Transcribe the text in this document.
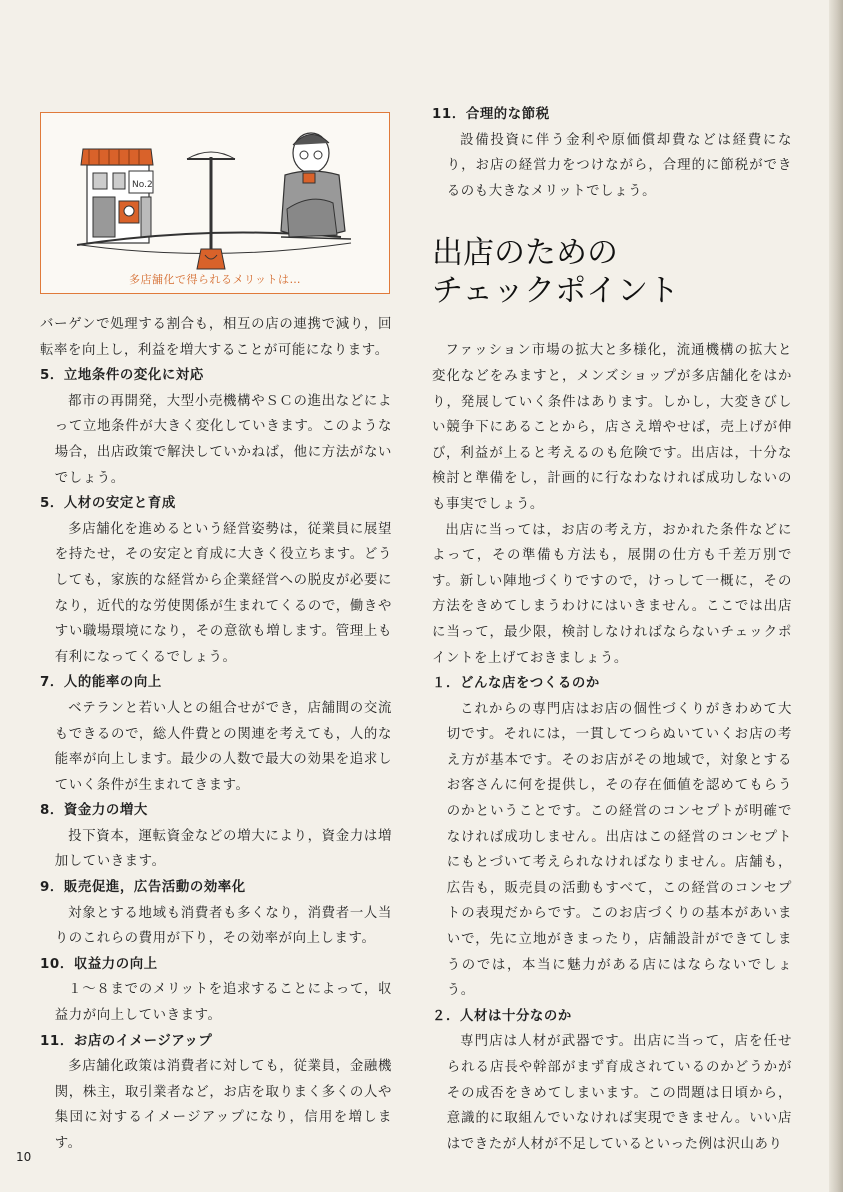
No.2
多店舗化で得られるメリットは…

バーゲンで処理する割合も，相互の店の連携で減り，回転率を向上し，利益を増大することが可能になります。

5．立地条件の変化に対応

都市の再開発，大型小売機構やＳＣの進出などによって立地条件が大きく変化していきます。このような場合，出店政策で解決していかねば，他に方法がないでしょう。

5．人材の安定と育成

多店舗化を進めるという経営姿勢は，従業員に展望を持たせ，その安定と育成に大きく役立ちます。どうしても，家族的な経営から企業経営への脱皮が必要になり，近代的な労使関係が生まれてくるので，働きやすい職場環境になり，その意欲も増します。管理上も有利になってくるでしょう。

7．人的能率の向上

ベテランと若い人との組合せができ，店舗間の交流もできるので，総人件費との関連を考えても，人的な能率が向上します。最少の人数で最大の効果を追求していく条件が生まれてきます。

8．資金力の増大

投下資本，運転資金などの増大により，資金力は増加していきます。

9．販売促進，広告活動の効率化

対象とする地域も消費者も多くなり，消費者一人当りのこれらの費用が下り，その効率が向上します。

10．収益力の向上

１～８までのメリットを追求することによって，収益力が向上していきます。

11．お店のイメージアップ

多店舗化政策は消費者に対しても，従業員，金融機関，株主，取引業者など，お店を取りまく多くの人や集団に対するイメージアップになり，信用を増します。

11．合理的な節税

設備投資に伴う金利や原価償却費などは経費になり，お店の経営力をつけながら，合理的に節税ができるのも大きなメリットでしょう。

出店のための
チェックポイント

ファッション市場の拡大と多様化，流通機構の拡大と変化などをみますと，メンズショップが多店舗化をはかり，発展していく条件はあります。しかし，大変きびしい競争下にあることから，店さえ増やせば，売上げが伸び，利益が上ると考えるのも危険です。出店は，十分な検討と準備をし，計画的に行なわなければ成功しないのも事実でしょう。

出店に当っては，お店の考え方，おかれた条件などによって，その準備も方法も，展開の仕方も千差万別です。新しい陣地づくりですので，けっして一概に，その方法をきめてしまうわけにはいきません。ここでは出店に当って，最少限，検討しなければならないチェックポイントを上げておきましょう。

１．どんな店をつくるのか

これからの専門店はお店の個性づくりがきわめて大切です。それには，一貫してつらぬいていくお店の考え方が基本です。そのお店がその地域で，対象とするお客さんに何を提供し，その存在価値を認めてもらうのかということです。この経営のコンセプトが明確でなければ成功しません。出店はこの経営のコンセプトにもとづいて考えられなければなりません。店舗も，広告も，販売員の活動もすべて，この経営のコンセプトの表現だからです。このお店づくりの基本があいまいで，先に立地がきまったり，店舗設計ができてしまうのでは，本当に魅力がある店にはならないでしょう。

２．人材は十分なのか

専門店は人材が武器です。出店に当って，店を任せられる店長や幹部がまず育成されているのかどうかがその成否をきめてしまいます。この問題は日頃から，意識的に取組んでいなければ実現できません。いい店はできたが人材が不足しているといった例は沢山あり

10
